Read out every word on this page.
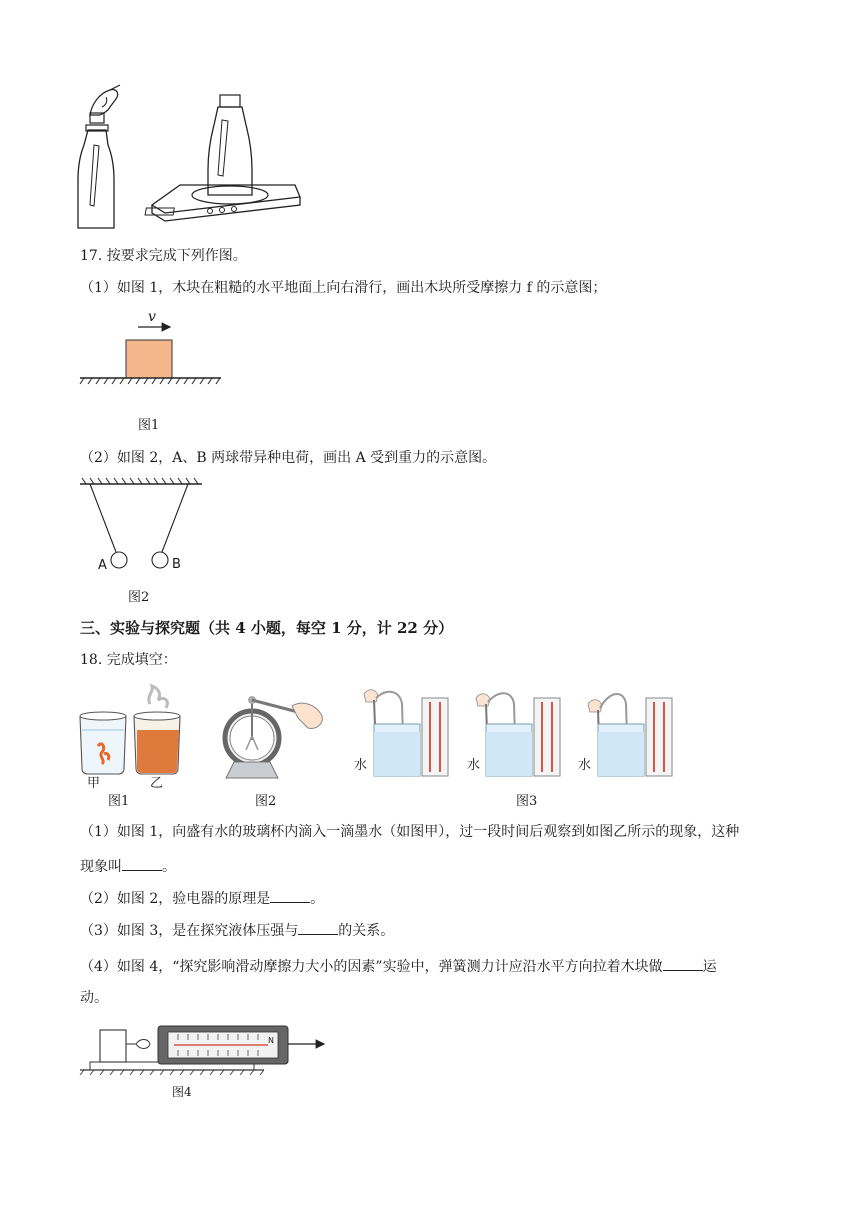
17. 按要求完成下列作图。
（1）如图 1，木块在粗糙的水平地面上向右滑行，画出木块所受摩擦力 f 的示意图；
v
图1
（2）如图 2，A、B 两球带异种电荷，画出 A 受到重力的示意图。
A	B
图2
三、实验与探究题（共 4 小题，每空 1 分，计 22 分）
18. 完成填空：
甲	乙
图1	图2
水	水	水
图3
（1）如图 1，向盛有水的玻璃杯内滴入一滴墨水（如图甲），过一段时间后观察到如图乙所示的现象，这种
现象叫	。
（2）如图 2，验电器的原理是	。
（3）如图 3，是在探究液体压强与	的关系。
（4）如图 4，“探究影响滑动摩擦力大小的因素”实验中，弹簧测力计应沿水平方向拉着木块做	运
动。
N
图4
